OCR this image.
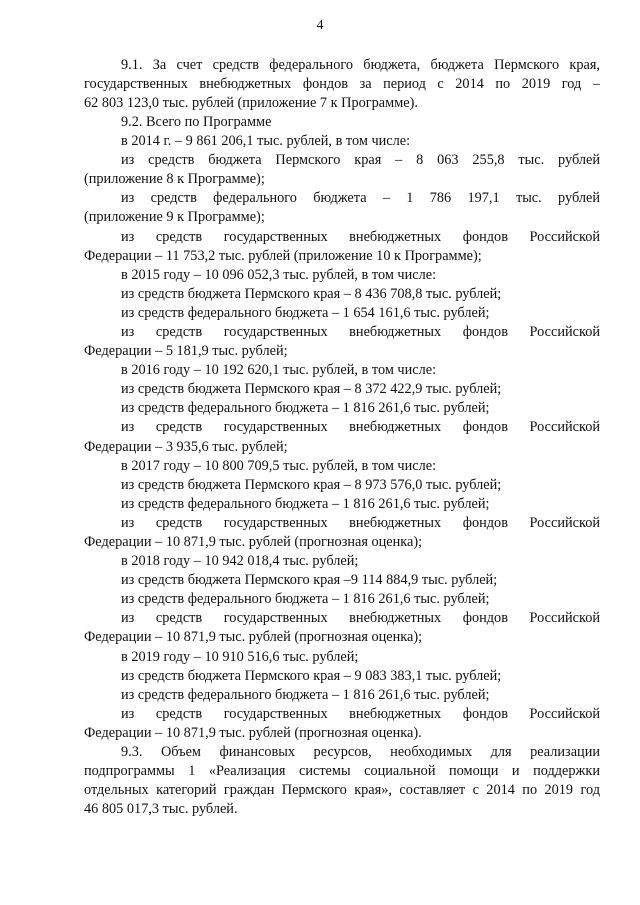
4
9.1. За счет средств федерального бюджета, бюджета Пермского края,
государственных внебюджетных фондов за период с 2014 по 2019 год –
62 803 123,0 тыс. рублей (приложение 7 к Программе).
9.2. Всего по Программе
в 2014 г. – 9 861 206,1 тыс. рублей, в том числе:
из средств бюджета Пермского края – 8 063 255,8 тыс. рублей
(приложение 8 к Программе);
из средств федерального бюджета – 1 786 197,1 тыс. рублей
(приложение 9 к Программе);
из средств государственных внебюджетных фондов Российской
Федерации – 11 753,2 тыс. рублей (приложение 10 к Программе);
в 2015 году – 10 096 052,3 тыс. рублей, в том числе:
из средств бюджета Пермского края – 8 436 708,8 тыс. рублей;
из средств федерального бюджета – 1 654 161,6 тыс. рублей;
из средств государственных внебюджетных фондов Российской
Федерации – 5 181,9 тыс. рублей;
в 2016 году – 10 192 620,1 тыс. рублей, в том числе:
из средств бюджета Пермского края – 8 372 422,9 тыс. рублей;
из средств федерального бюджета – 1 816 261,6 тыс. рублей;
из средств государственных внебюджетных фондов Российской
Федерации – 3 935,6 тыс. рублей;
в 2017 году – 10 800 709,5 тыс. рублей, в том числе:
из средств бюджета Пермского края – 8 973 576,0 тыс. рублей;
из средств федерального бюджета – 1 816 261,6 тыс. рублей;
из средств государственных внебюджетных фондов Российской
Федерации – 10 871,9 тыс. рублей (прогнозная оценка);
в 2018 году – 10 942 018,4 тыс. рублей;
из средств бюджета Пермского края –9 114 884,9 тыс. рублей;
из средств федерального бюджета – 1 816 261,6 тыс. рублей;
из средств государственных внебюджетных фондов Российской
Федерации – 10 871,9 тыс. рублей (прогнозная оценка);
в 2019 году – 10 910 516,6 тыс. рублей;
из средств бюджета Пермского края – 9 083 383,1 тыс. рублей;
из средств федерального бюджета – 1 816 261,6 тыс. рублей;
из средств государственных внебюджетных фондов Российской
Федерации – 10 871,9 тыс. рублей (прогнозная оценка).
9.3. Объем финансовых ресурсов, необходимых для реализации
подпрограммы 1 «Реализация системы социальной помощи и поддержки
отдельных категорий граждан Пермского края», составляет с 2014 по 2019 год
46 805 017,3 тыс. рублей.
